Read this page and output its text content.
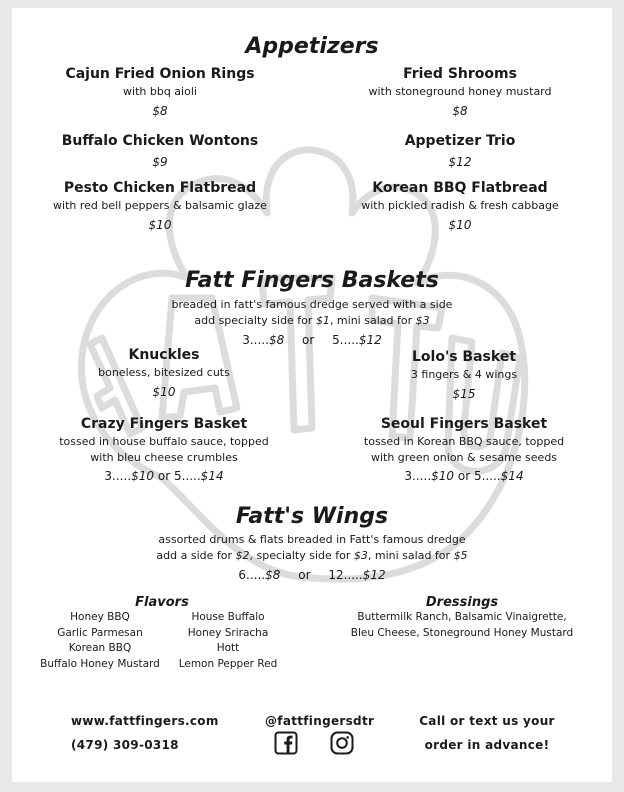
Appetizers
Cajun Fried Onion Rings
with bbq aioli
$8
Fried Shrooms
with stoneground honey mustard
$8
Buffalo Chicken Wontons
$9
Appetizer Trio
$12
Pesto Chicken Flatbread
with red bell peppers & balsamic glaze
$10
Korean BBQ Flatbread
with pickled radish & fresh cabbage
$10
Fatt Fingers Baskets
breaded in fatt's famous dredge served with a side
add specialty side for $1, mini salad for $3
3.....$8 or 5.....$12
Knuckles
boneless, bitesized cuts
$10
Lolo's Basket
3 fingers & 4 wings
$15
Crazy Fingers Basket
tossed in house buffalo sauce, topped
with bleu cheese crumbles
3.....$10 or 5.....$14
Seoul Fingers Basket
tossed in Korean BBQ sauce, topped
with green onion & sesame seeds
3.....$10 or 5.....$14
Fatt's Wings
assorted drums & flats breaded in Fatt's famous dredge
add a side for $2, specialty side for $3, mini salad for $5
6.....$8 or 12.....$12
Flavors
Honey BBQ
Garlic Parmesan
Korean BBQ
Buffalo Honey Mustard
House Buffalo
Honey Sriracha
Hott
Lemon Pepper Red
Dressings
Buttermilk Ranch, Balsamic Vinaigrette,
Bleu Cheese, Stoneground Honey Mustard
www.fattfingers.com
(479) 309-0318
@fattfingersdtr	Call or text us your
order in advance!
